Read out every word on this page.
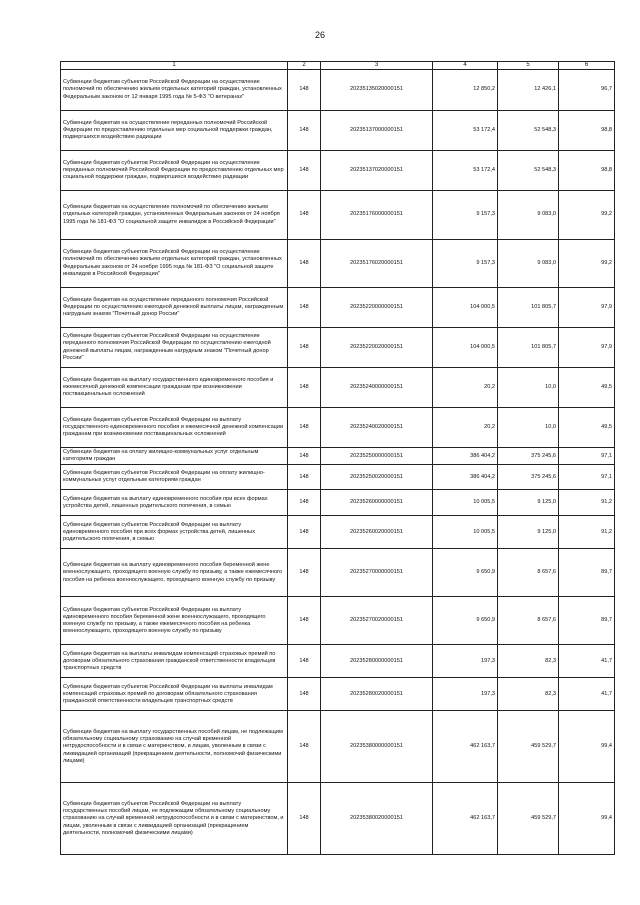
26
1	2	3	4	5	6
Субвенции бюджетам субъектов Российской Федерации на осуществление полномочий по обеспечению жильем отдельных категорий граждан, установленных Федеральным законом от 12 января 1995 года № 5-ФЗ "О ветеранах"	148	20235135020000151	12 850,2	12 426,1	96,7
Субвенции бюджетам на осуществление переданных полномочий Российской Федерации по предоставлению отдельных мер социальной поддержки граждан, подвергшихся воздействию радиации	148	20235137000000151	53 172,4	52 548,3	98,8
Субвенции бюджетам субъектов Российской Федерации на осуществление переданных полномочий Российской Федерации по предоставлению отдельных мер социальной поддержки граждан, подвергшихся воздействию радиации	148	20235137020000151	53 172,4	52 548,3	98,8
Субвенции бюджетам на осуществление полномочий по обеспечению жильем отдельных категорий граждан, установленных Федеральным законом от 24 ноября 1995 года № 181-ФЗ "О социальной защите инвалидов в Российской Федерации"	148	20235176000000151	9 157,3	9 083,0	99,2
Субвенции бюджетам субъектов Российской Федерации на осуществление полномочий по обеспечению жильем отдельных категорий граждан, установленных Федеральным законом от 24 ноября 1995 года № 181-ФЗ "О социальной защите инвалидов в Российской Федерации"	148	20235176020000151	9 157,3	9 083,0	99,2
Субвенции бюджетам на осуществление переданного полномочия Российской Федерации по осуществлению ежегодной денежной выплаты лицам, награжденным нагрудным знаком "Почетный донор России"	148	20235220000000151	104 000,5	101 805,7	97,9
Субвенции бюджетам субъектов Российской Федерации на осуществление переданного полномочия Российской Федерации по осуществлению ежегодной денежной выплаты лицам, награжденным нагрудным знаком "Почетный донор России"	148	20235220020000151	104 000,5	101 805,7	97,9
Субвенции бюджетам на выплату государственного единовременного пособия и ежемесячной денежной компенсации гражданам при возникновении поствакцинальных осложнений	148	20235240000000151	20,2	10,0	49,5
Субвенции бюджетам субъектов Российской Федерации на выплату государственного единовременного пособия и ежемесячной денежной компенсации гражданам при возникновении поствакцинальных осложнений	148	20235240020000151	20,2	10,0	49,5
Субвенции бюджетам на оплату жилищно-коммунальных услуг отдельным категориям граждан	148	20235250000000151	386 404,2	375 245,6	97,1
Субвенции бюджетам субъектов Российской Федерации на оплату жилищно-коммунальных услуг отдельным категориям граждан	148	20235250020000151	386 404,2	375 245,6	97,1
Субвенции бюджетам на выплату единовременного пособия при всех формах устройства детей, лишенных родительского попечения, в семью	148	20235260000000151	10 005,5	9 125,0	91,2
Субвенции бюджетам субъектов Российской Федерации на выплату единовременного пособия при всех формах устройства детей, лишенных родительского попечения, в семью	148	20235260020000151	10 005,5	9 125,0	91,2
Субвенции бюджетам на выплату единовременного пособия беременной жене военнослужащего, проходящего военную службу по призыву, а также ежемесячного пособия на ребенка военнослужащего, проходящего военную службу по призыву	148	20235270000000151	9 650,9	8 657,6	89,7
Субвенции бюджетам субъектов Российской Федерации на выплату единовременного пособия беременной жене военнослужащего, проходящего военную службу по призыву, а также ежемесячного пособия на ребенка военнослужащего, проходящего военную службу по призыву	148	20235270020000151	9 650,9	8 657,6	89,7
Субвенции бюджетам на выплаты инвалидам компенсаций страховых премий по договорам обязательного страхования гражданской ответственности владельцев транспортных средств	148	20235280000000151	197,3	82,3	41,7
Субвенции бюджетам субъектов Российской Федерации на выплаты инвалидам компенсаций страховых премий по договорам обязательного страхования гражданской ответственности владельцев транспортных средств	148	20235280020000151	197,3	82,3	41,7
Субвенции бюджетам на выплату государственных пособий лицам, не подлежащим обязательному социальному страхованию на случай временной нетрудоспособности и в связи с материнством, и лицам, уволенным в связи с ликвидацией организаций (прекращением деятельности, полномочий физическими лицами)	148	20235380000000151	462 163,7	459 529,7	99,4
Субвенции бюджетам субъектов Российской Федерации на выплату государственных пособий лицам, не подлежащим обязательному социальному страхованию на случай временной нетрудоспособности и в связи с материнством, и лицам, уволенным в связи с ликвидацией организаций (прекращением деятельности, полномочий физическими лицами)	148	20235380020000151	462 163,7	459 529,7	99,4
